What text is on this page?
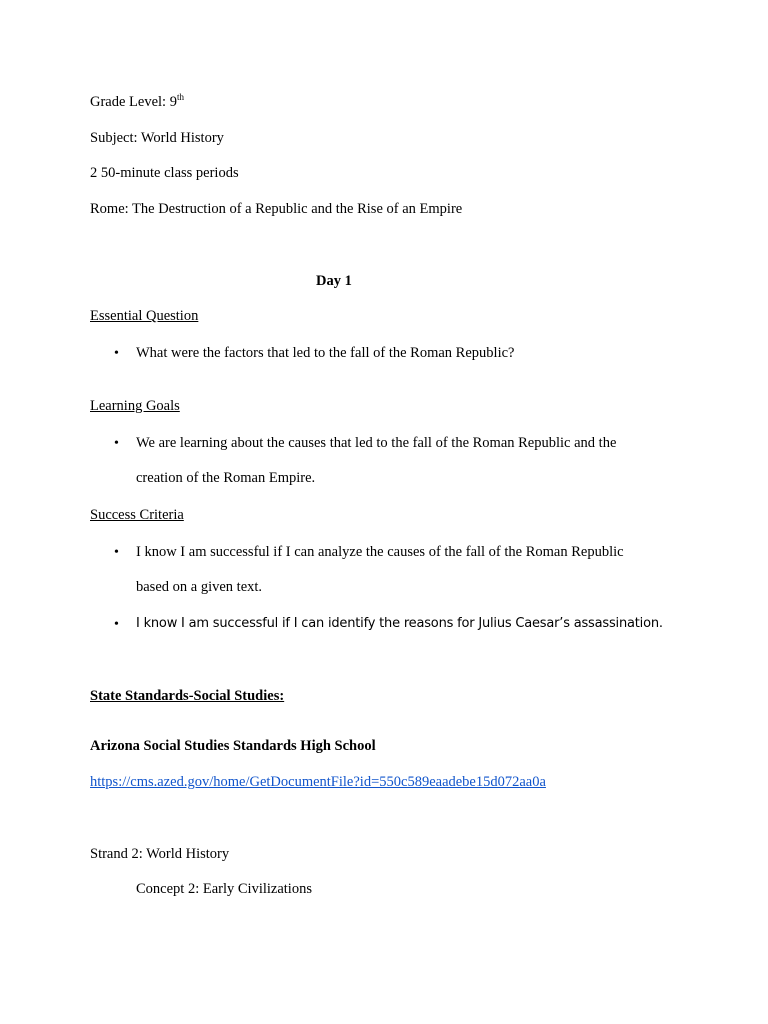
Grade Level: 9th
Subject: World History
2 50-minute class periods
Rome: The Destruction of a Republic and the Rise of an Empire
Day 1
Essential Question
• What were the factors that led to the fall of the Roman Republic?
Learning Goals
• We are learning about the causes that led to the fall of the Roman Republic and the
creation of the Roman Empire.
Success Criteria
• I know I am successful if I can analyze the causes of the fall of the Roman Republic
based on a given text.
• I know I am successful if I can identify the reasons for Julius Caesar’s assassination.
State Standards-Social Studies:
Arizona Social Studies Standards High School
https://cms.azed.gov/home/GetDocumentFile?id=550c589eaadebe15d072aa0a
Strand 2: World History
Concept 2: Early Civilizations
